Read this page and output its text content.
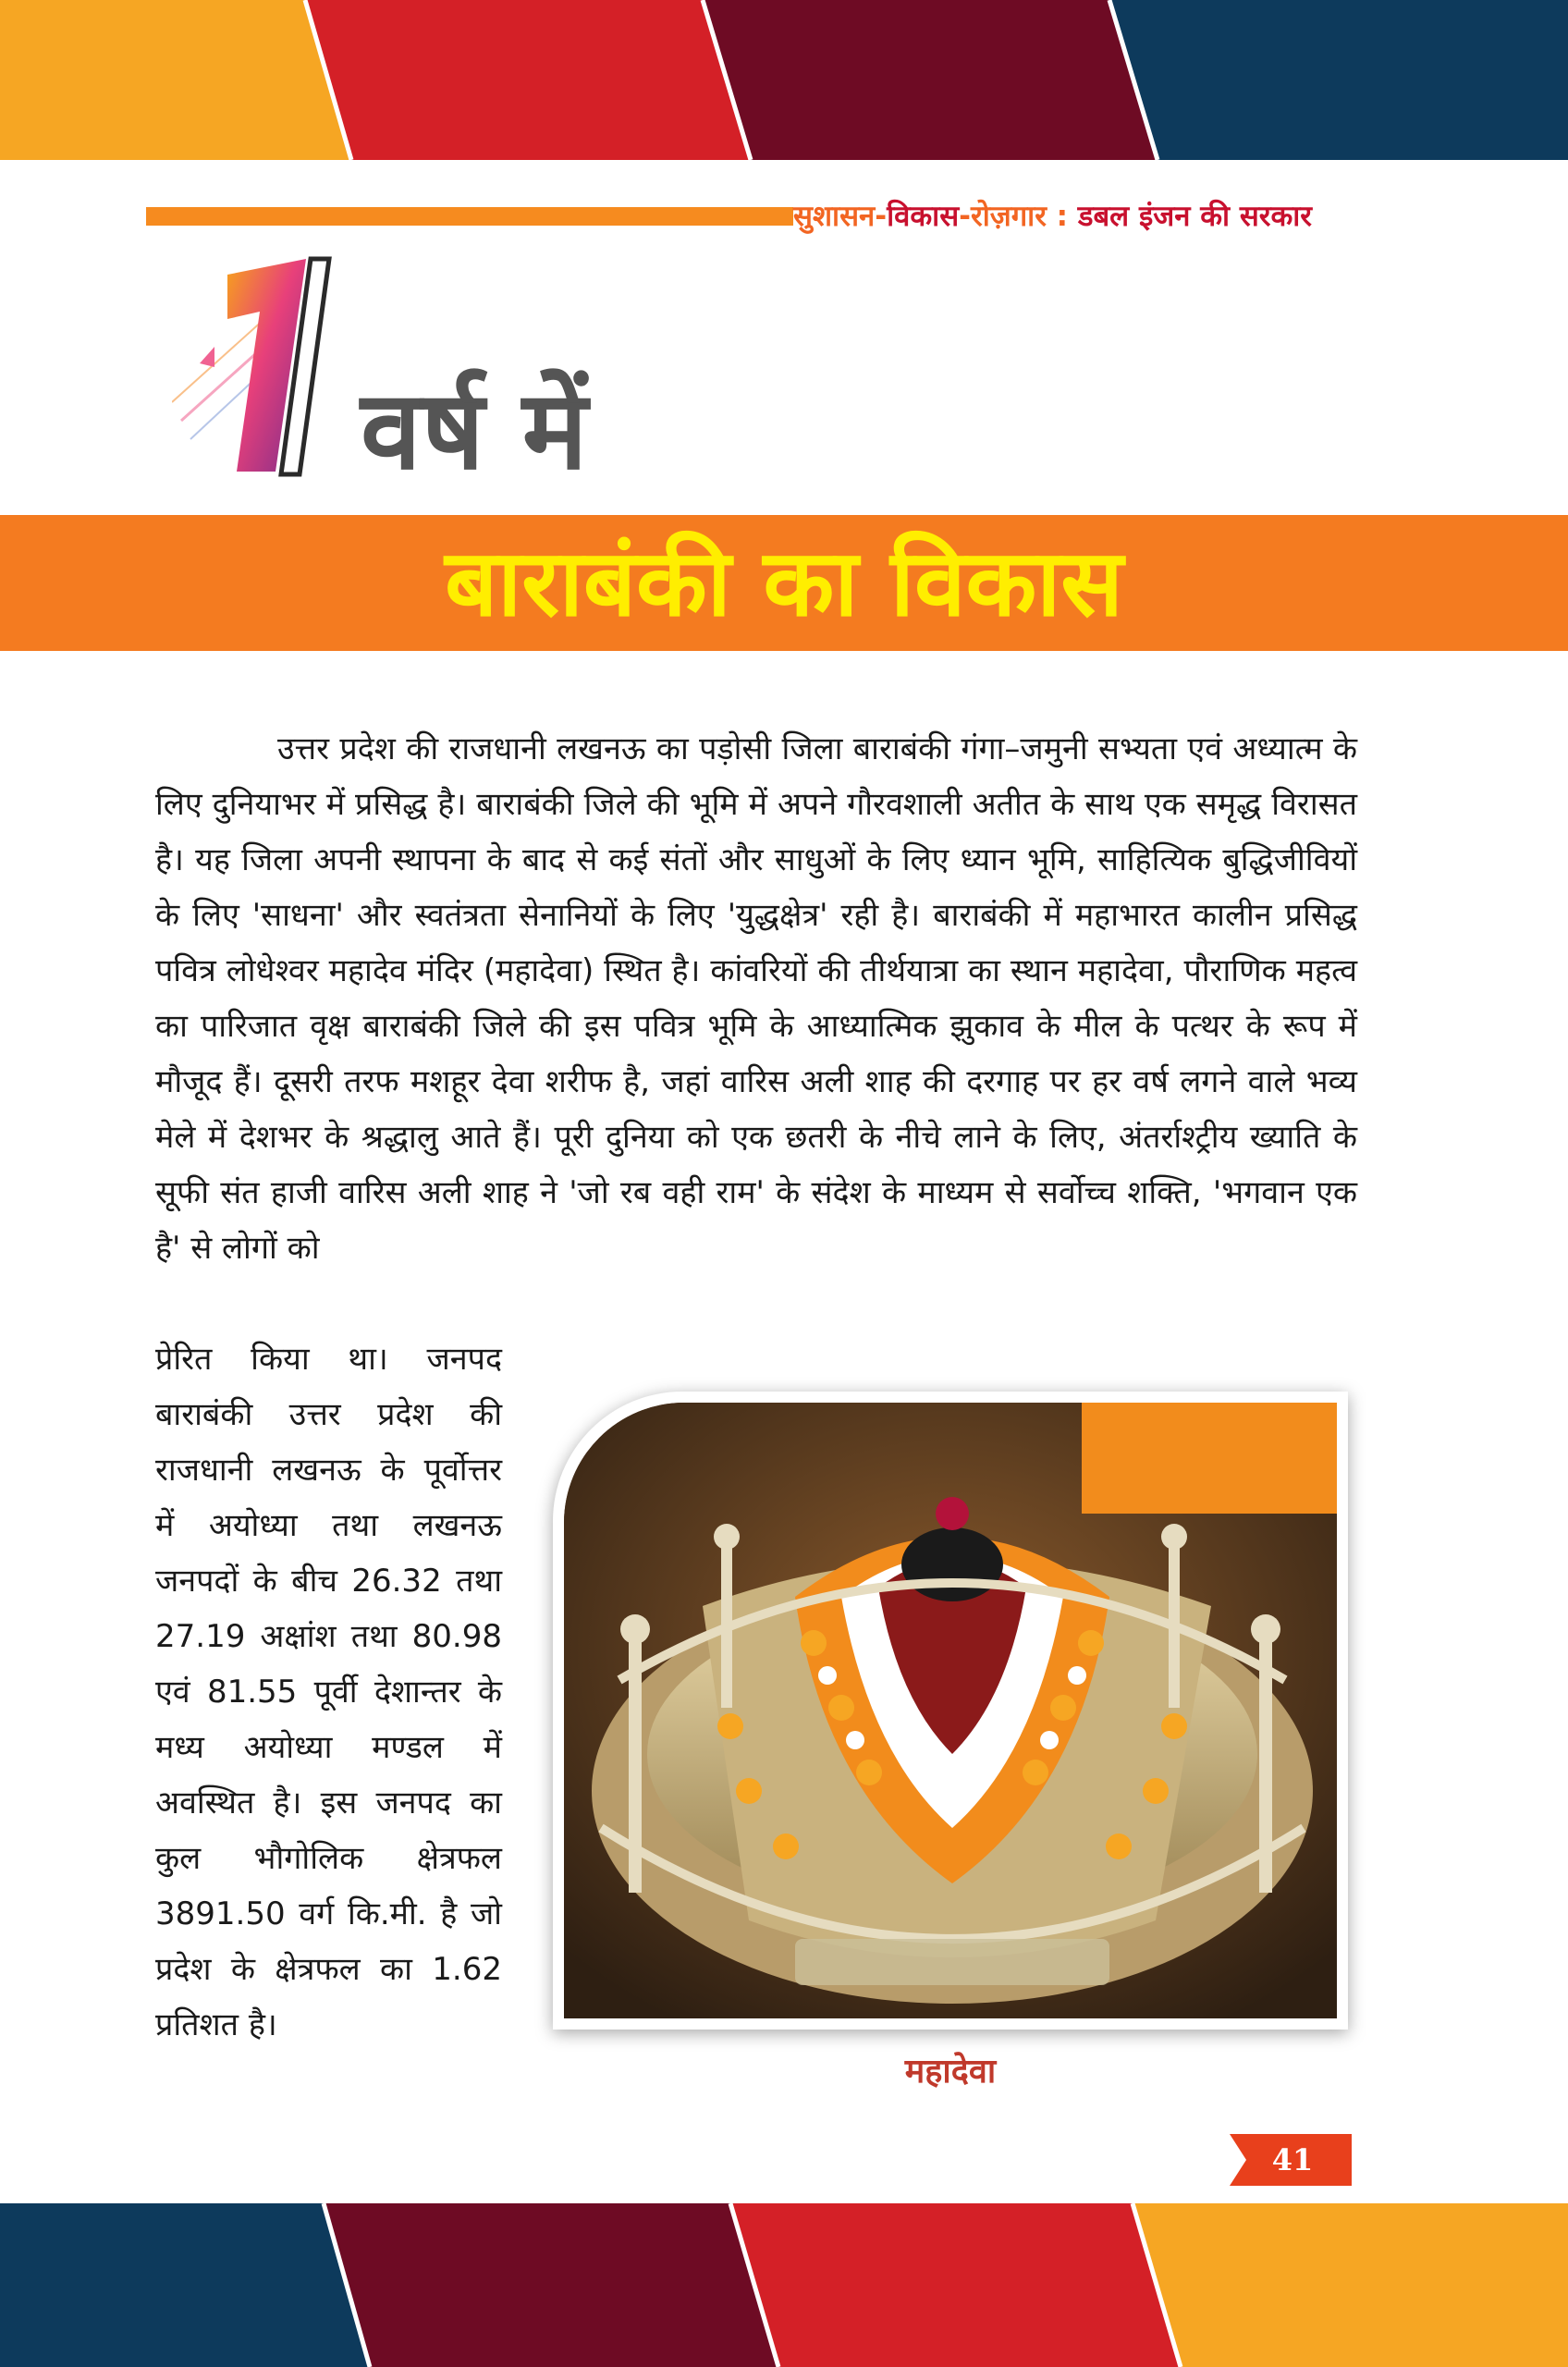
सुशासन-विकास-रोज़गार : डबल इंजन की सरकार
वर्ष में
बाराबंकी का विकास
उत्तर प्रदेश की राजधानी लखनऊ का पड़ोसी जिला बाराबंकी गंगा–जमुनी सभ्यता एवं अध्यात्म के लिए दुनियाभर में प्रसिद्ध है। बाराबंकी जिले की भूमि में अपने गौरवशाली अतीत के साथ एक समृद्ध विरासत है। यह जिला अपनी स्थापना के बाद से कई संतों और साधुओं के लिए ध्यान भूमि, साहित्यिक बुद्धिजीवियों के लिए 'साधना' और स्वतंत्रता सेनानियों के लिए 'युद्धक्षेत्र' रही है। बाराबंकी में महाभारत कालीन प्रसिद्ध पवित्र लोधेश्वर महादेव मंदिर (महादेवा) स्थित है। कांवरियों की तीर्थयात्रा का स्थान महादेवा, पौराणिक महत्व का पारिजात वृक्ष बाराबंकी जिले की इस पवित्र भूमि के आध्यात्मिक झुकाव के मील के पत्थर के रूप में मौजूद हैं। दूसरी तरफ मशहूर देवा शरीफ है, जहां वारिस अली शाह की दरगाह पर हर वर्ष लगने वाले भव्य मेले में देशभर के श्रद्धालु आते हैं। पूरी दुनिया को एक छतरी के नीचे लाने के लिए, अंतर्राश्ट्रीय ख्याति के सूफी संत हाजी वारिस अली शाह ने 'जो रब वही राम' के संदेश के माध्यम से सर्वोच्च शक्ति, 'भगवान एक है' से लोगों को
प्रेरित किया था। जनपद बाराबंकी उत्तर प्रदेश की राजधानी लखनऊ के पूर्वोत्तर में अयोध्या तथा लखनऊ जनपदों के बीच 26.32 तथा 27.19 अक्षांश तथा 80.98 एवं 81.55 पूर्वी देशान्तर के मध्य अयोध्या मण्डल में अवस्थित है। इस जनपद का कुल भौगोलिक क्षेत्रफल 3891.50 वर्ग कि.मी. है जो प्रदेश के क्षेत्रफल का 1.62 प्रतिशत है।
महादेवा
41
